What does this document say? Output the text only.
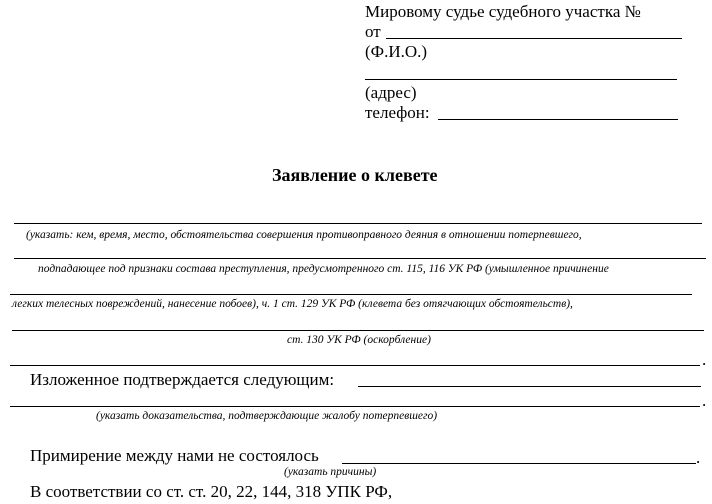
Мировому судье судебного участка №
от
(Ф.И.О.)
(адрес)
телефон:
Заявление о клевете
(указать: кем, время, место, обстоятельства совершения противоправного деяния в отношении потерпевшего,
подпадающее под признаки состава преступления, предусмотренного ст. 115, 116 УК РФ (умышленное причинение
легких телесных повреждений, нанесение побоев), ч. 1 ст. 129 УК РФ (клевета без отягчающих обстоятельств),
ст. 130 УК РФ (оскорбление)
.
Изложенное подтверждается следующим:
.
(указать доказательства, подтверждающие жалобу потерпевшего)
Примирение между нами не состоялось	.
(указать причины)
В соответствии со ст. ст. 20, 22, 144, 318 УПК РФ,
